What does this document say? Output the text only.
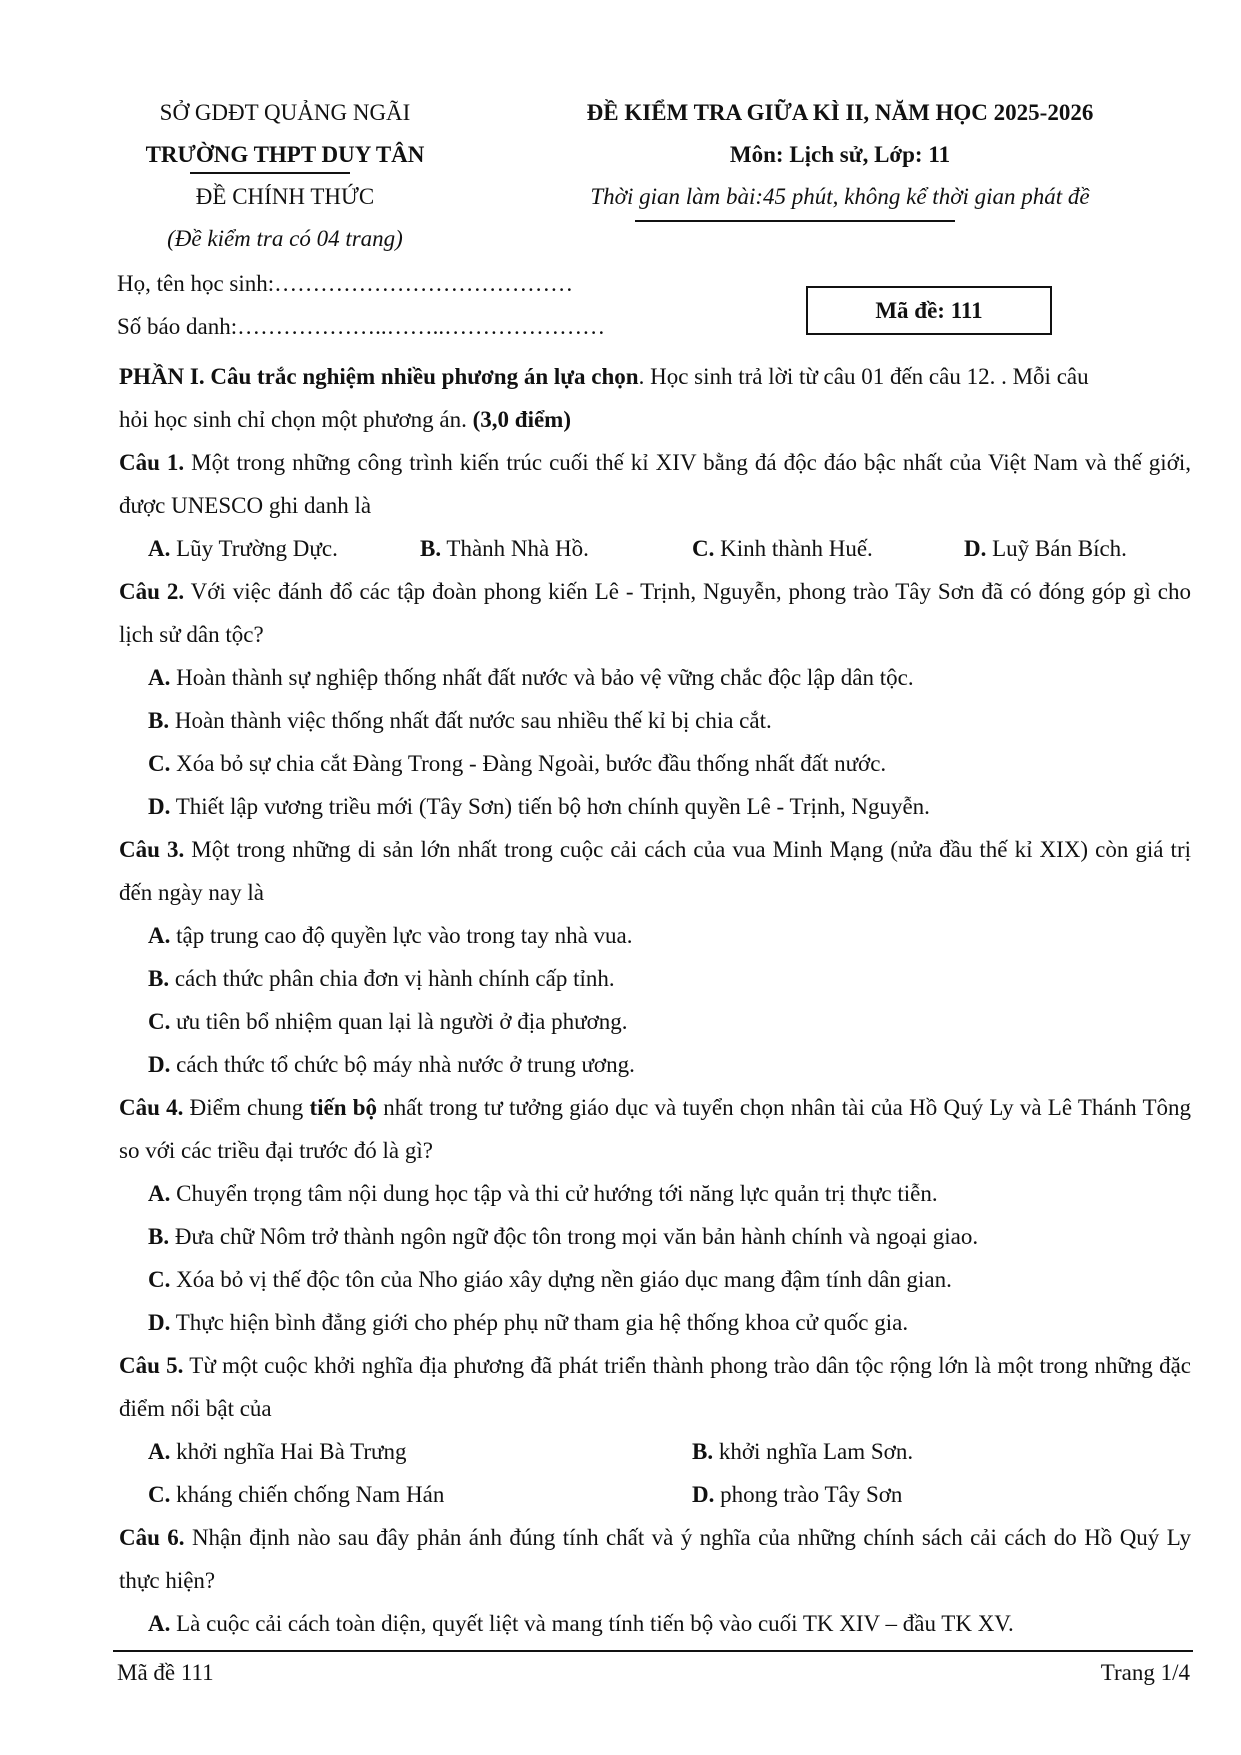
SỞ GDĐT QUẢNG NGÃI
TRƯỜNG THPT DUY TÂN
ĐỀ CHÍNH THỨC
(Đề kiểm tra có 04 trang)
ĐỀ KIỂM TRA GIỮA KÌ II, NĂM HỌC 2025-2026
Môn: Lịch sử, Lớp: 11
Thời gian làm bài:45 phút, không kể thời gian phát đề
Họ, tên học sinh:…………………………………
Số báo danh:………………..……..…………………
Mã đề: 111
PHẦN I. Câu trắc nghiệm nhiều phương án lựa chọn. Học sinh trả lời từ câu 01 đến câu 12. . Mỗi câu
hỏi học sinh chỉ chọn một phương án. (3,0 điểm)
Câu 1. Một trong những công trình kiến trúc cuối thế kỉ XIV bằng đá độc đáo bậc nhất của Việt Nam và thế giới, được UNESCO ghi danh là
A. Lũy Trường Dực.	B. Thành Nhà Hồ.	C. Kinh thành Huế.	D. Luỹ Bán Bích.
Câu 2. Với việc đánh đổ các tập đoàn phong kiến Lê - Trịnh, Nguyễn, phong trào Tây Sơn đã có đóng góp gì cho lịch sử dân tộc?
A. Hoàn thành sự nghiệp thống nhất đất nước và bảo vệ vững chắc độc lập dân tộc.
B. Hoàn thành việc thống nhất đất nước sau nhiều thế kỉ bị chia cắt.
C. Xóa bỏ sự chia cắt Đàng Trong - Đàng Ngoài, bước đầu thống nhất đất nước.
D. Thiết lập vương triều mới (Tây Sơn) tiến bộ hơn chính quyền Lê - Trịnh, Nguyễn.
Câu 3. Một trong những di sản lớn nhất trong cuộc cải cách của vua Minh Mạng (nửa đầu thế kỉ XIX) còn giá trị đến ngày nay là
A. tập trung cao độ quyền lực vào trong tay nhà vua.
B. cách thức phân chia đơn vị hành chính cấp tỉnh.
C. ưu tiên bổ nhiệm quan lại là người ở địa phương.
D. cách thức tổ chức bộ máy nhà nước ở trung ương.
Câu 4. Điểm chung tiến bộ nhất trong tư tưởng giáo dục và tuyển chọn nhân tài của Hồ Quý Ly và Lê Thánh Tông so với các triều đại trước đó là gì?
A. Chuyển trọng tâm nội dung học tập và thi cử hướng tới năng lực quản trị thực tiễn.
B. Đưa chữ Nôm trở thành ngôn ngữ độc tôn trong mọi văn bản hành chính và ngoại giao.
C. Xóa bỏ vị thế độc tôn của Nho giáo xây dựng nền giáo dục mang đậm tính dân gian.
D. Thực hiện bình đẳng giới cho phép phụ nữ tham gia hệ thống khoa cử quốc gia.
Câu 5. Từ một cuộc khởi nghĩa địa phương đã phát triển thành phong trào dân tộc rộng lớn là một trong những đặc điểm nổi bật của
A. khởi nghĩa Hai Bà Trưng	B. khởi nghĩa Lam Sơn.
C. kháng chiến chống Nam Hán	D. phong trào Tây Sơn
Câu 6. Nhận định nào sau đây phản ánh đúng tính chất và ý nghĩa của những chính sách cải cách do Hồ Quý Ly thực hiện?
A. Là cuộc cải cách toàn diện, quyết liệt và mang tính tiến bộ vào cuối TK XIV – đầu TK XV.
Mã đề 111	Trang 1/4
